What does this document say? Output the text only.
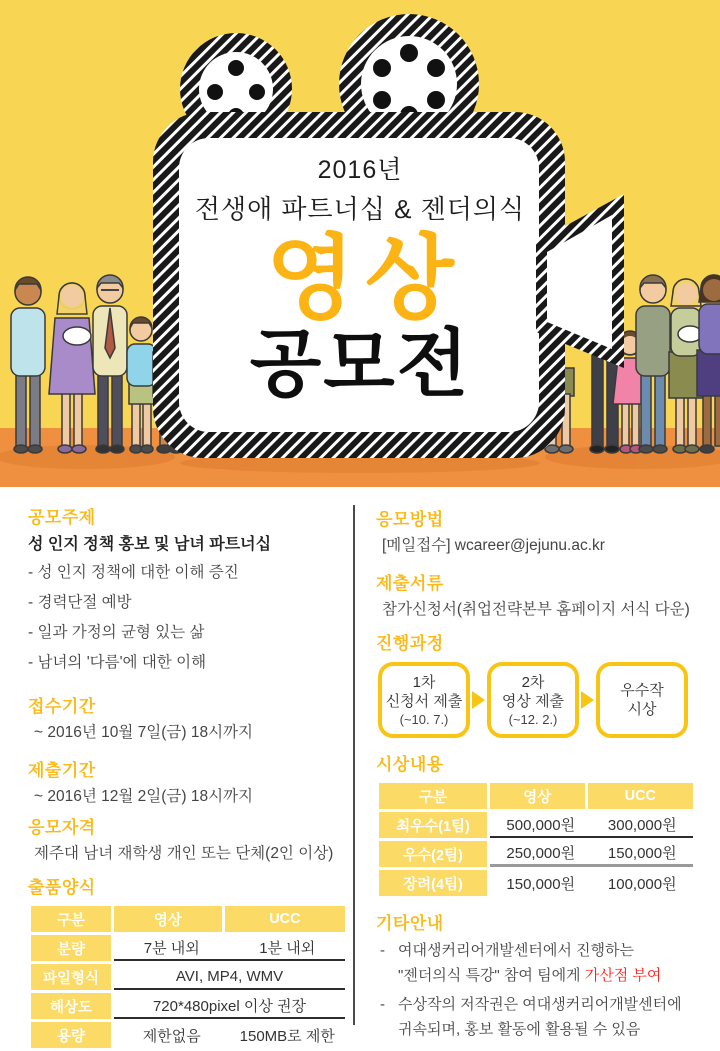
2016년
전생애 파트너십 & 젠더의식
영상
공모전
공모주제
성 인지 정책 홍보 및 남녀 파트너십
- 성 인지 정책에 대한 이해 증진
- 경력단절 예방
- 일과 가정의 균형 있는 삶
- 남녀의 '다름'에 대한 이해
접수기간
~ 2016년 10월 7일(금) 18시까지
제출기간
~ 2016년 12월 2일(금) 18시까지
응모자격
제주대 남녀 재학생 개인 또는 단체(2인 이상)
출품양식
구분	영상	UCC
분량	7분 내외 1분 내외	

파일형식	AVI, MP4, WMV	
해상도	720*480pixel 이상 권장	
용량	제한없음 150MB로 제한	
응모방법
[메일접수] wcareer@jejunu.ac.kr
제출서류
참가신청서(취업전략본부 홈페이지 서식 다운)
진행과정
1차
신청서 제출
(~10. 7.)
2차
영상 제출
(~12. 2.)
우수작
시상
시상내용
구분	영상	UCC
최우수(1팀)	500,000원 300,000원	

우수(2팀)	250,000원 150,000원	

장려(4팀)	150,000원 100,000원	
기타안내
- 여대생커리어개발센터에서 진행하는
"젠더의식 특강" 참여 팀에게 가산점 부여
- 수상작의 저작권은 여대생커리어개발센터에
귀속되며, 홍보 활동에 활용될 수 있음
